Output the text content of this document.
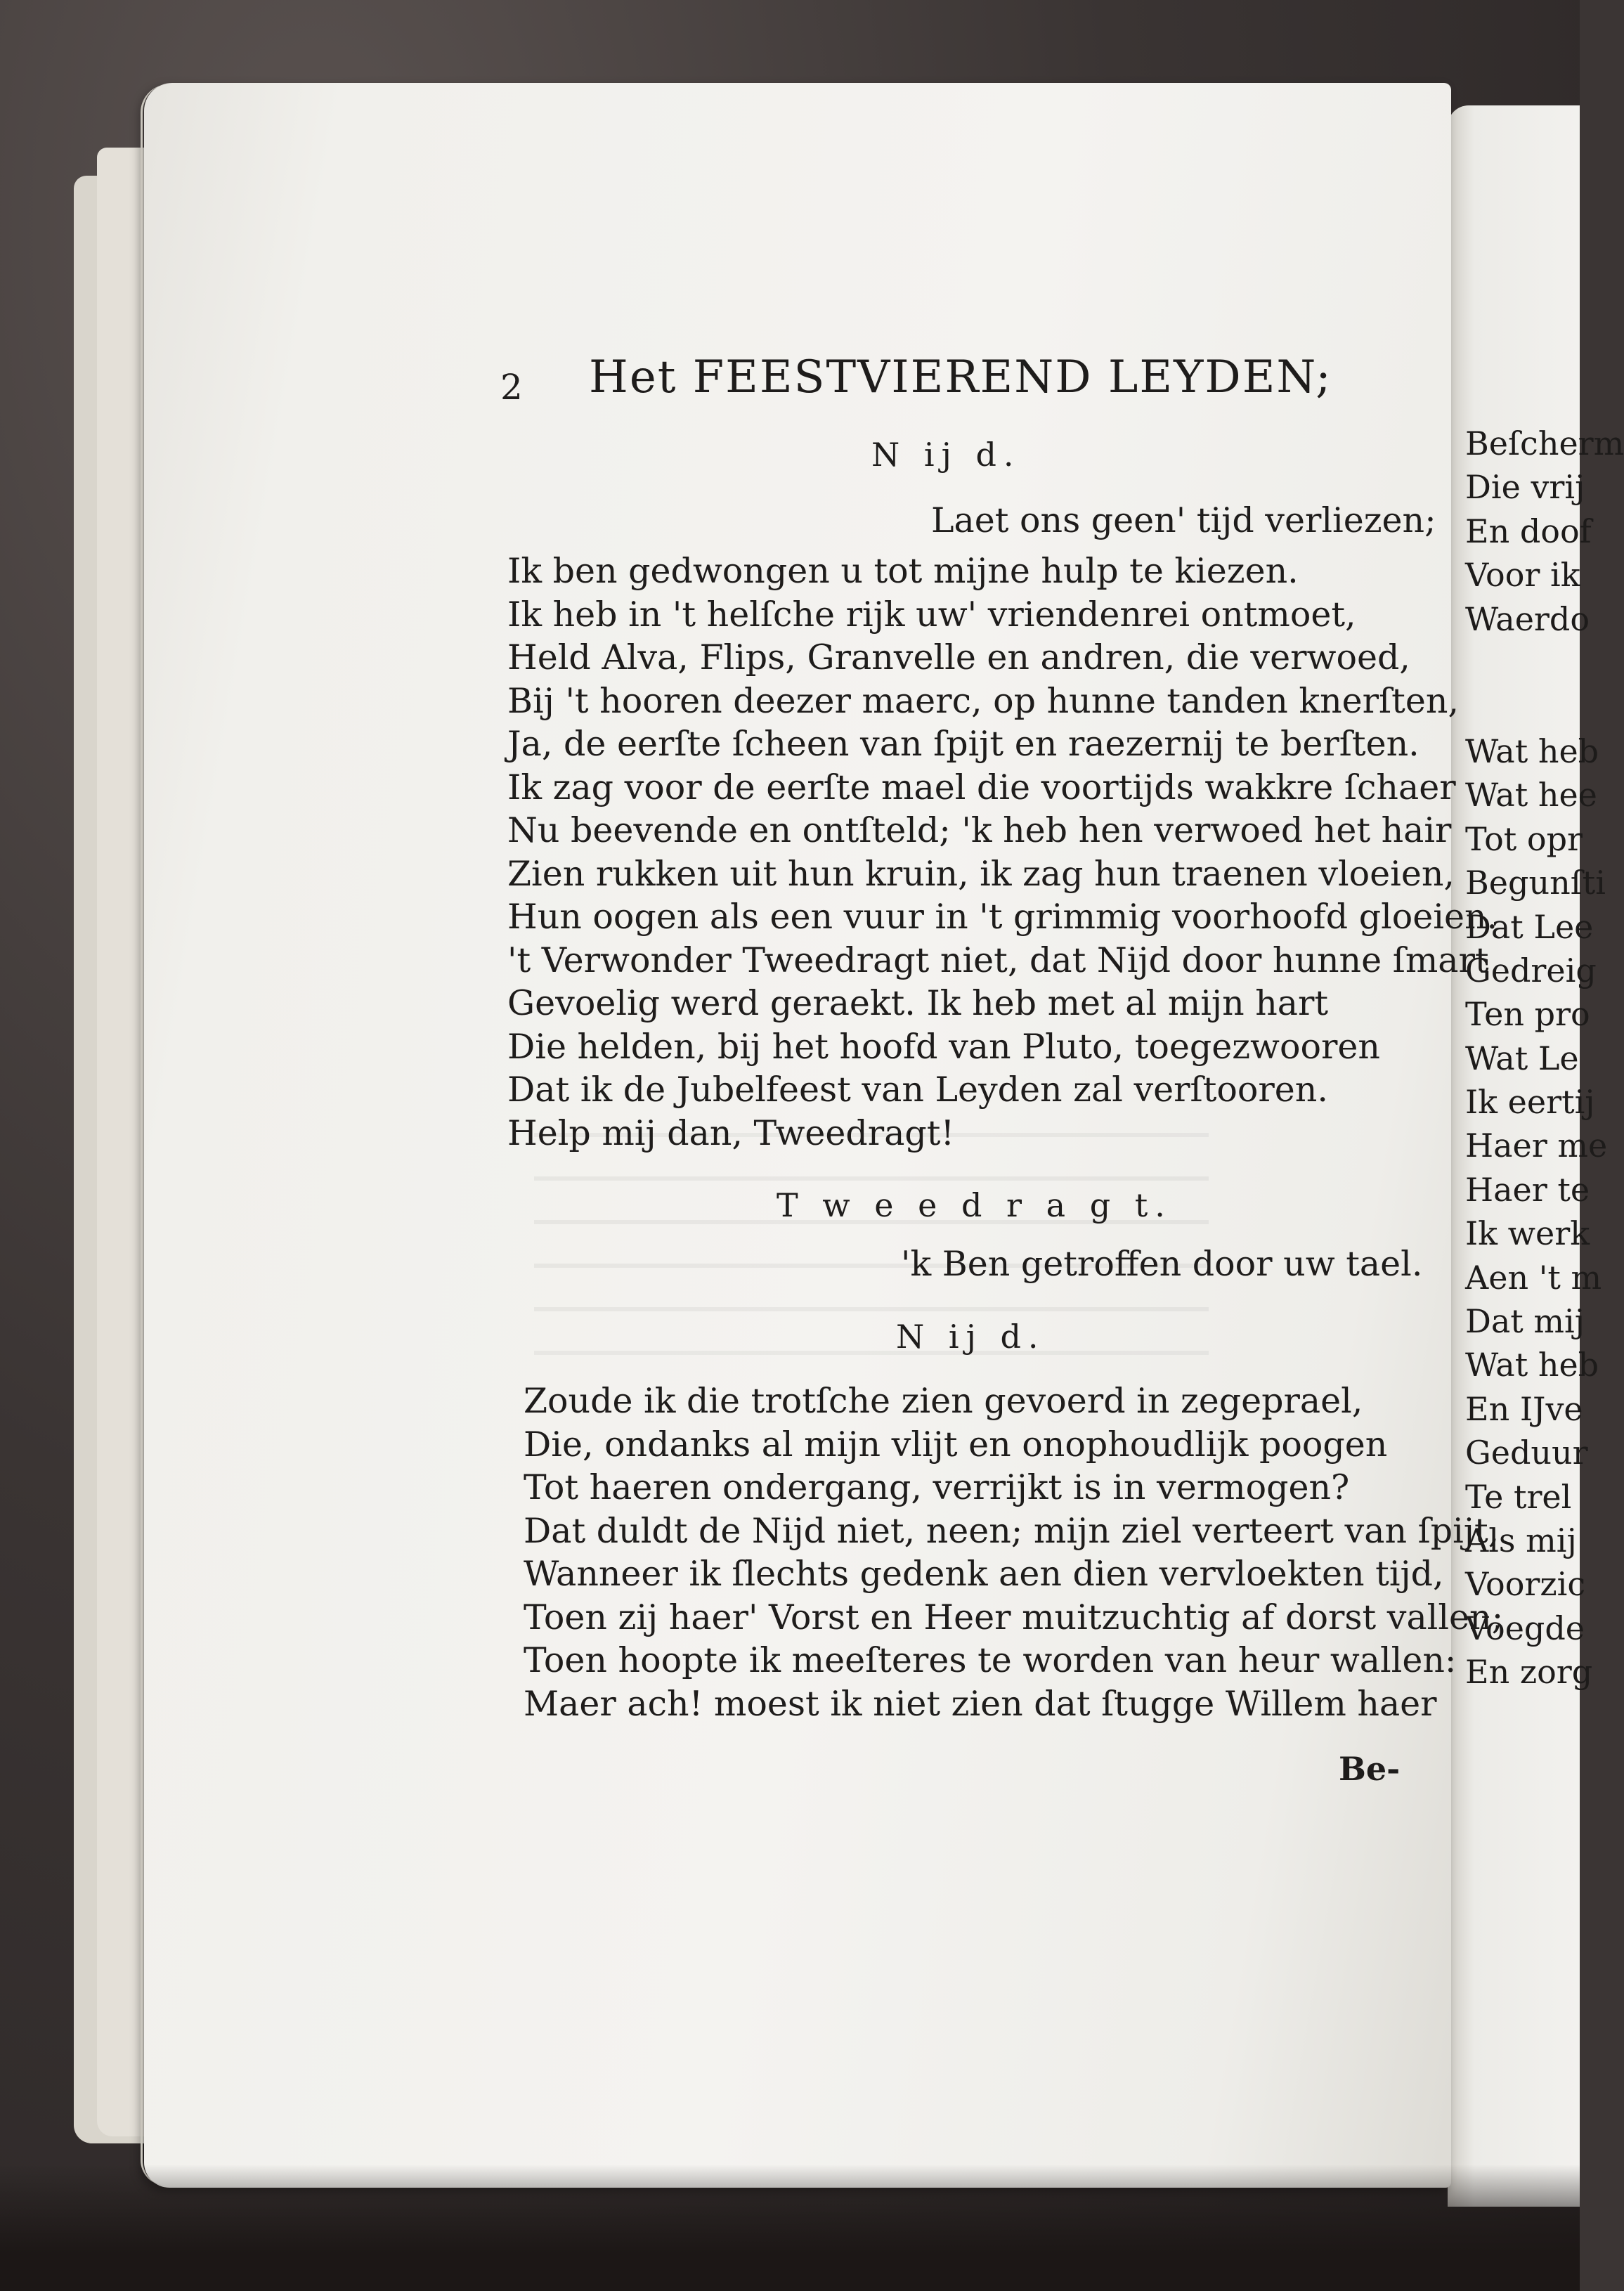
Beſcherm
Die vrij
En doof
Voor ik
Waerdo
Wat heb
Wat hee
Tot opr
Begunſti
Dat Lee
Gedreig
Ten pro
Wat Le
Ik eertij
Haer me
Haer te
Ik werk
Aen 't m
Dat mij
Wat heb
En IJve
Geduur
Te trel
Als mij
Voorzic
Voegde
En zorg
2 Het FEESTVIEREND LEYDEN;
N ij d.
Laet ons geen' tijd verliezen;
Ik ben gedwongen u tot mijne hulp te kiezen.
Ik heb in 't helſche rijk uw' vriendenrei ontmoet,
Held Alva, Flips, Granvelle en andren, die verwoed,
Bij 't hooren deezer maerc, op hunne tanden knerſten,
Ja, de eerſte ſcheen van ſpijt en raezernij te berſten.
Ik zag voor de eerſte mael die voortijds wakkre ſchaer
Nu beevende en ontſteld; 'k heb hen verwoed het hair
Zien rukken uit hun kruin, ik zag hun traenen vloeien,
Hun oogen als een vuur in 't grimmig voorhoofd gloeien.
't Verwonder Tweedragt niet, dat Nijd door hunne ſmart
Gevoelig werd geraekt. Ik heb met al mijn hart
Die helden, bij het hoofd van Pluto, toegezwooren
Dat ik de Jubelfeest van Leyden zal verſtooren.
Help mij dan, Tweedragt!
T w e e d r a g t.
'k Ben getroffen door uw tael.
N ij d.
Zoude ik die trotſche zien gevoerd in zegeprael,
Die, ondanks al mijn vlijt en onophoudlijk poogen
Tot haeren ondergang, verrijkt is in vermogen?
Dat duldt de Nijd niet, neen; mijn ziel verteert van ſpijt,
Wanneer ik ſlechts gedenk aen dien vervloekten tijd,
Toen zij haer' Vorst en Heer muitzuchtig af dorst vallen;
Toen hoopte ik meeſteres te worden van heur wallen:
Maer ach! moest ik niet zien dat ſtugge Willem haer
Be-
